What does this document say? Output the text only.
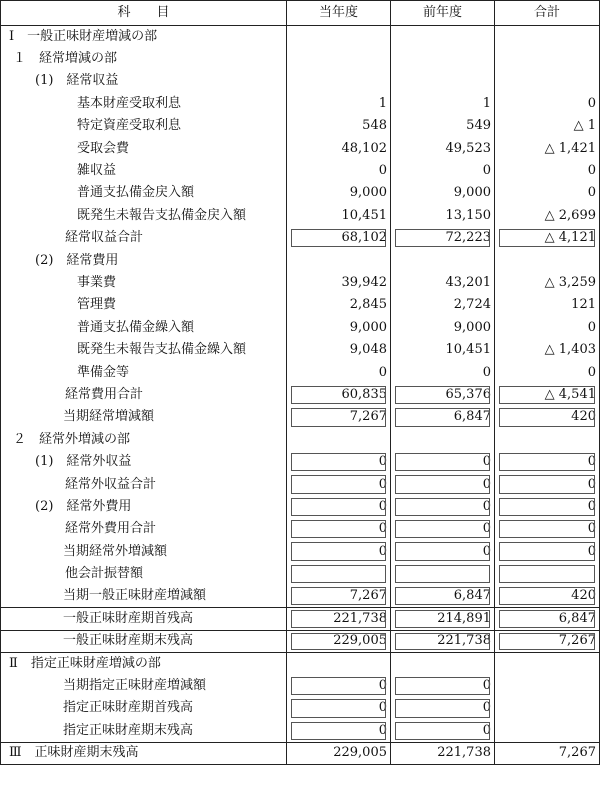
科　　目	当年度	前年度	合計
Ⅰ　一般正味財産増減の部			
１　経常増減の部			
(1)　経常収益			
基本財産受取利息	1	1	0
特定資産受取利息	548	549	△ 1
受取会費	48,102	49,523	△ 1,421
雑収益	0	0	0
普通支払備金戻入額	9,000	9,000	0
既発生未報告支払備金戻入額	10,451	13,150	△ 2,699
経常収益合計	68,102	72,223	△ 4,121
(2)　経常費用			
事業費	39,942	43,201	△ 3,259
管理費	2,845	2,724	121
普通支払備金繰入額	9,000	9,000	0
既発生未報告支払備金繰入額	9,048	10,451	△ 1,403
準備金等	0	0	0
経常費用合計	60,835	65,376	△ 4,541
当期経常増減額	7,267	6,847	420
２　経常外増減の部			
(1)　経常外収益	0	0	0
経常外収益合計	0	0	0
(2)　経常外費用	0	0	0
経常外費用合計	0	0	0
当期経常外増減額	0	0	0
他会計振替額			
当期一般正味財産増減額	7,267	6,847	420
一般正味財産期首残高	221,738	214,891	6,847
一般正味財産期末残高	229,005	221,738	7,267
Ⅱ　指定正味財産増減の部			
当期指定正味財産増減額	0	0	
指定正味財産期首残高	0	0	
指定正味財産期末残高	0	0	
Ⅲ　正味財産期末残高	229,005	221,738	7,267
